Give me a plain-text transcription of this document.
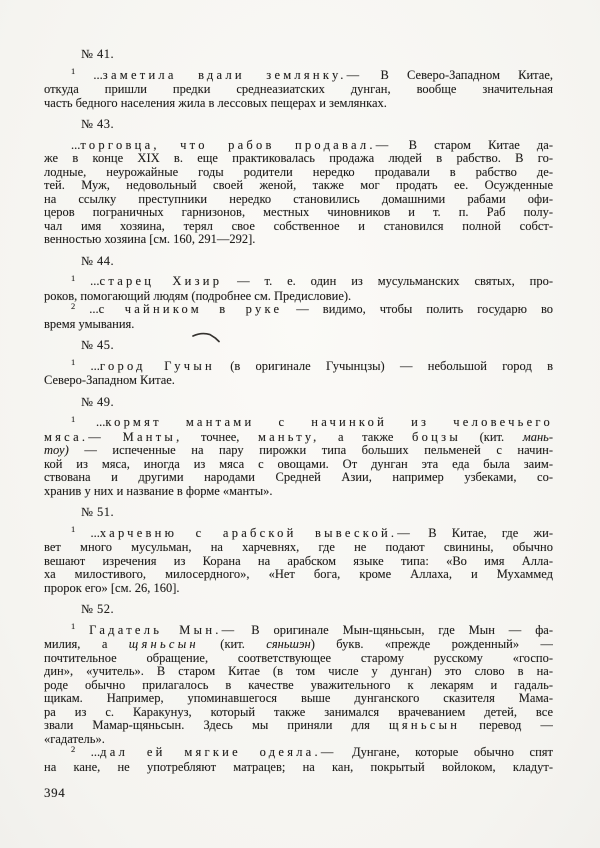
№ 41.
$^1$ ...заметила вдали землянку.— В Северо-Западном Китае,
откуда пришли предки среднеазиатских дунган, вообще значительная
часть бедного населения жила в лессовых пещерах и землянках.
№ 43.
...торговца, что рабов продавал.— В старом Китае да-
же в конце XIX в. еще практиковалась продажа людей в рабство. В го-
лодные, неурожайные годы родители нередко продавали в рабство де-
тей. Муж, недовольный своей женой, также мог продать ее. Осужденные
на ссылку преступники нередко становились домашними рабами офи-
церов пограничных гарнизонов, местных чиновников и т. п. Раб полу-
чал имя хозяина, терял свое собственное и становился полной собст-
венностью хозяина [см. 160, 291—292].
№ 44.
$^1$ ...старец Хизир — т. е. один из мусульманских святых, про-
роков, помогающий людям (подробнее см. Предисловие).
$^2$ ...с чайником в руке — видимо, чтобы полить государю во
время умывания.
№ 45.
$^1$ ...город Гучын (в оригинале Гучынцзы) — небольшой город в
Северо-Западном Китае.
№ 49.
$^1$ ...кормят мантами с начинкой из человечьего
мяса.— Манты, точнее, маньту, а также боцзы (кит. мань-
тоу) — испеченные на пару пирожки типа больших пельменей с начин-
кой из мяса, иногда из мяса с овощами. От дунган эта еда была заим-
ствована и другими народами Средней Азии, например узбеками, со-
хранив у них и название в форме «манты».
№ 51.
$^1$ ...харчевню с арабской вывеской.— В Китае, где жи-
вет много мусульман, на харчевнях, где не подают свинины, обычно
вешают изречения из Корана на арабском языке типа: «Во имя Алла-
ха милостивого, милосердного», «Нет бога, кроме Аллаха, и Мухаммед
пророк его» [см. 26, 160].
№ 52.
$^1$ Гадатель Мын.— В оригинале Мын-щяньсын, где Мын — фа-
милия, а щяньсын (кит. сяньшэн) букв. «прежде рожденный» —
почтительное обращение, соответствующее старому русскому «госпо-
дин», «учитель». В старом Китае (в том числе у дунган) это слово в на-
роде обычно прилагалось в качестве уважительного к лекарям и гадаль-
щикам. Например, упоминавшегося выше дунганского сказителя Мама-
ра из с. Каракунуз, который также занимался врачеванием детей, все
звали Мамар-щяньсын. Здесь мы приняли для щяньсын перевод —
«гадатель».
$^2$ ...дал ей мягкие одеяла.— Дунгане, которые обычно спят
на кане, не употребляют матрацев; на кан, покрытый войлоком, кладут-
394
